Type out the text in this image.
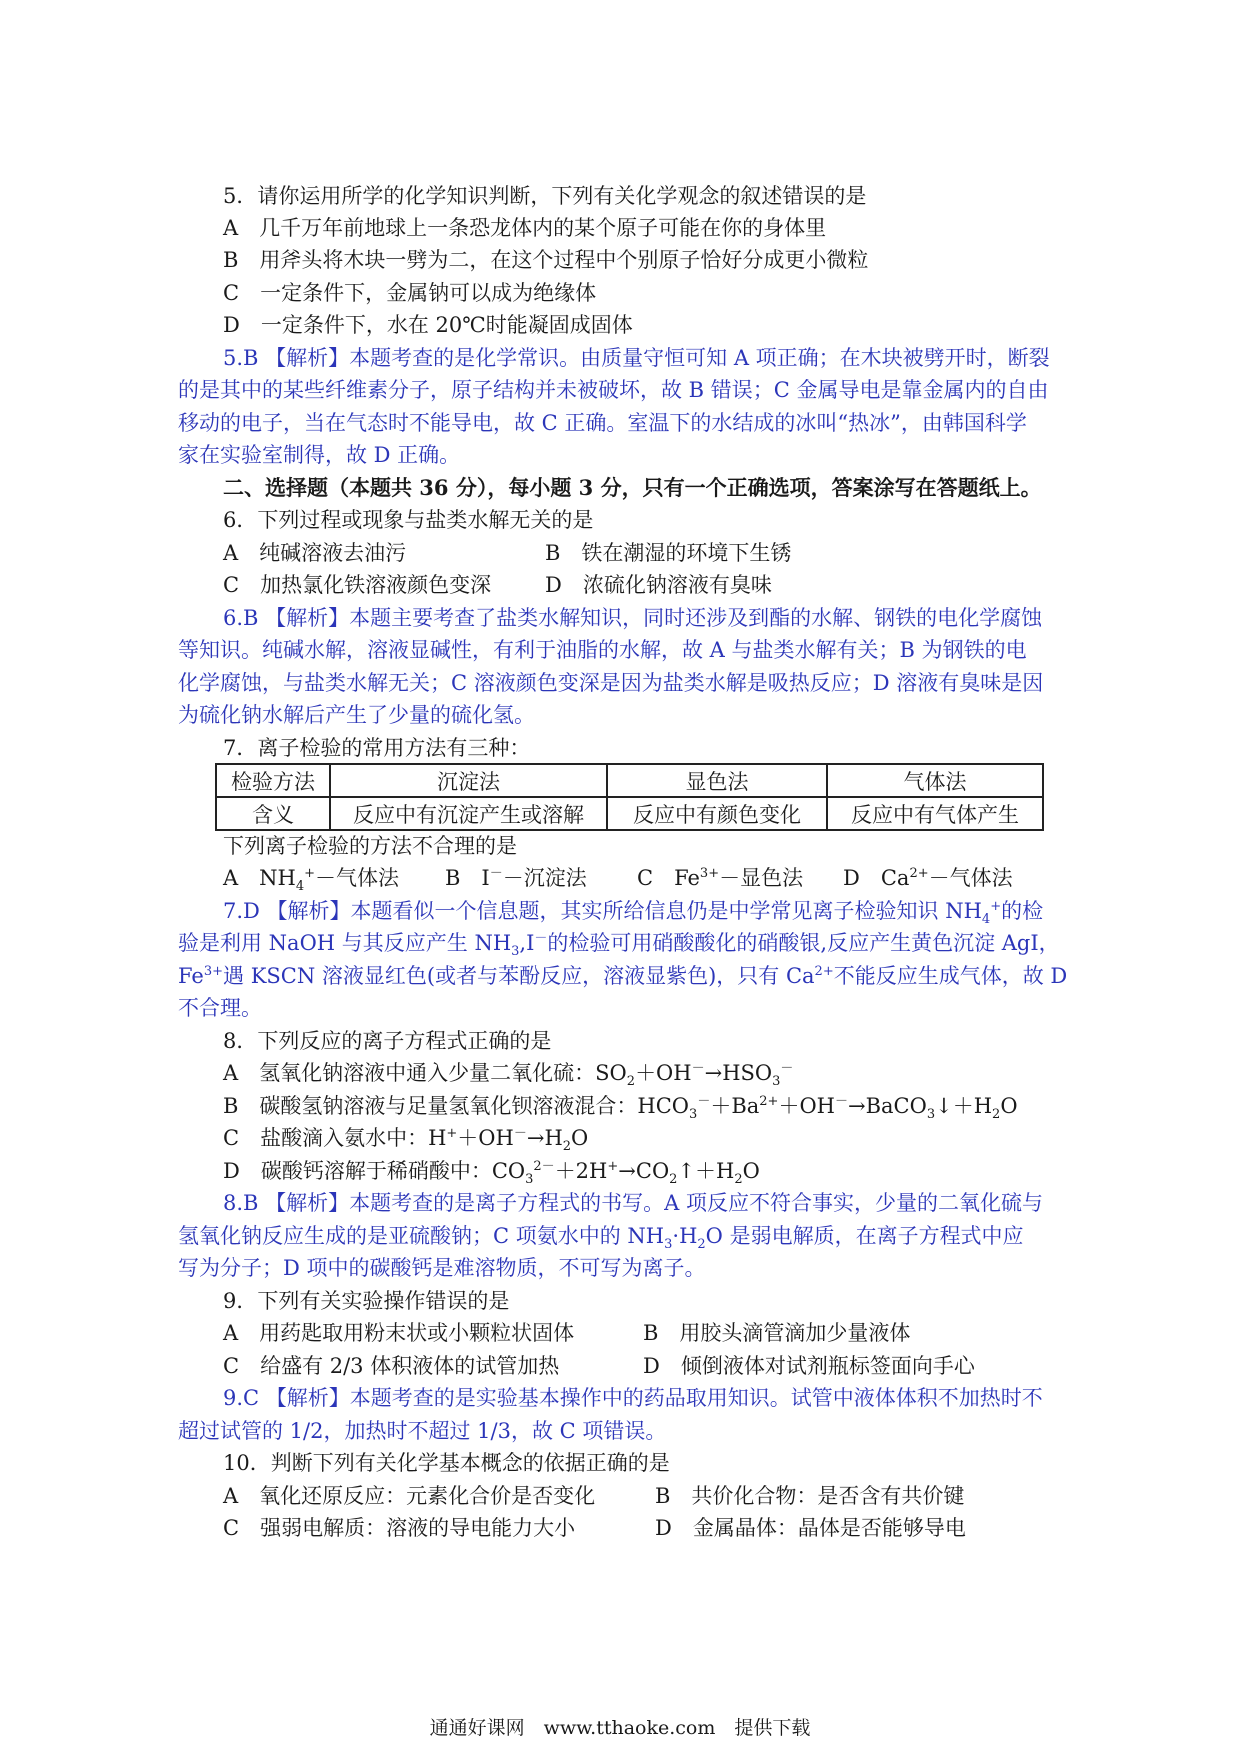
5．请你运用所学的化学知识判断，下列有关化学观念的叙述错误的是
A　几千万年前地球上一条恐龙体内的某个原子可能在你的身体里
B　用斧头将木块一劈为二，在这个过程中个别原子恰好分成更小微粒
C　一定条件下，金属钠可以成为绝缘体
D　一定条件下，水在 20℃时能凝固成固体
5.B 【解析】本题考查的是化学常识。由质量守恒可知 A 项正确；在木块被劈开时，断裂
的是其中的某些纤维素分子，原子结构并未被破坏，故 B 错误；C 金属导电是靠金属内的自由
移动的电子，当在气态时不能导电，故 C 正确。室温下的水结成的冰叫“热冰”，由韩国科学
家在实验室制得，故 D 正确。
二、选择题（本题共 36 分），每小题 3 分，只有一个正确选项，答案涂写在答题纸上。
6．下列过程或现象与盐类水解无关的是
A　纯碱溶液去油污	B　铁在潮湿的环境下生锈
C　加热氯化铁溶液颜色变深	D　浓硫化钠溶液有臭味
6.B 【解析】本题主要考查了盐类水解知识，同时还涉及到酯的水解、钢铁的电化学腐蚀
等知识。纯碱水解，溶液显碱性，有利于油脂的水解，故 A 与盐类水解有关；B 为钢铁的电
化学腐蚀，与盐类水解无关；C 溶液颜色变深是因为盐类水解是吸热反应；D 溶液有臭味是因
为硫化钠水解后产生了少量的硫化氢。
7．离子检验的常用方法有三种：
检验方法	沉淀法	显色法	气体法
含义	反应中有沉淀产生或溶解	反应中有颜色变化	反应中有气体产生
下列离子检验的方法不合理的是
A　$NH_4^+-$气体法 B　I－－沉淀法 C　$Fe^{3+}-$显色法 D　$Ca^{2+}-$气体法
7.D 【解析】本题看似一个信息题，其实所给信息仍是中学常见离子检验知识 $NH_4^+$的检
验是利用 NaOH 与其反应产生 $NH_3,I^-$的检验可用硝酸酸化的硝酸银,反应产生黄色沉淀 AgI，
$Fe^{3+}$遇 KSCN 溶液显红色(或者与苯酚反应，溶液显紫色)，只有 $Ca^{2+}$不能反应生成气体，故 D
不合理。
8．下列反应的离子方程式正确的是
A　氢氧化钠溶液中通入少量二氧化硫：$SO_2+OH^-\to HSO_3^-$
B　碳酸氢钠溶液与足量氢氧化钡溶液混合：$HCO_3^-+Ba^{2+}+OH^-\to BaCO_3↓+H_2O$
C　盐酸滴入氨水中：$H^++OH^-\to H_2O$
D　碳酸钙溶解于稀硝酸中：$CO_3^{2-}+2H^+\to CO_2↑+H_2O$
8.B 【解析】本题考查的是离子方程式的书写。A 项反应不符合事实，少量的二氧化硫与
氢氧化钠反应生成的是亚硫酸钠；C 项氨水中的 $NH_3\cdot H_2O$ 是弱电解质，在离子方程式中应
写为分子；D 项中的碳酸钙是难溶物质，不可写为离子。
9．下列有关实验操作错误的是
A　用药匙取用粉末状或小颗粒状固体	B　用胶头滴管滴加少量液体
C　给盛有 2/3 体积液体的试管加热	D　倾倒液体对试剂瓶标签面向手心
9.C 【解析】本题考查的是实验基本操作中的药品取用知识。试管中液体体积不加热时不
超过试管的 1/2，加热时不超过 1/3，故 C 项错误。
10．判断下列有关化学基本概念的依据正确的是
A　氧化还原反应：元素化合价是否变化	B　共价化合物：是否含有共价键
C　强弱电解质：溶液的导电能力大小	D　金属晶体：晶体是否能够导电
通通好课网　www.tthaoke.com　提供下载
